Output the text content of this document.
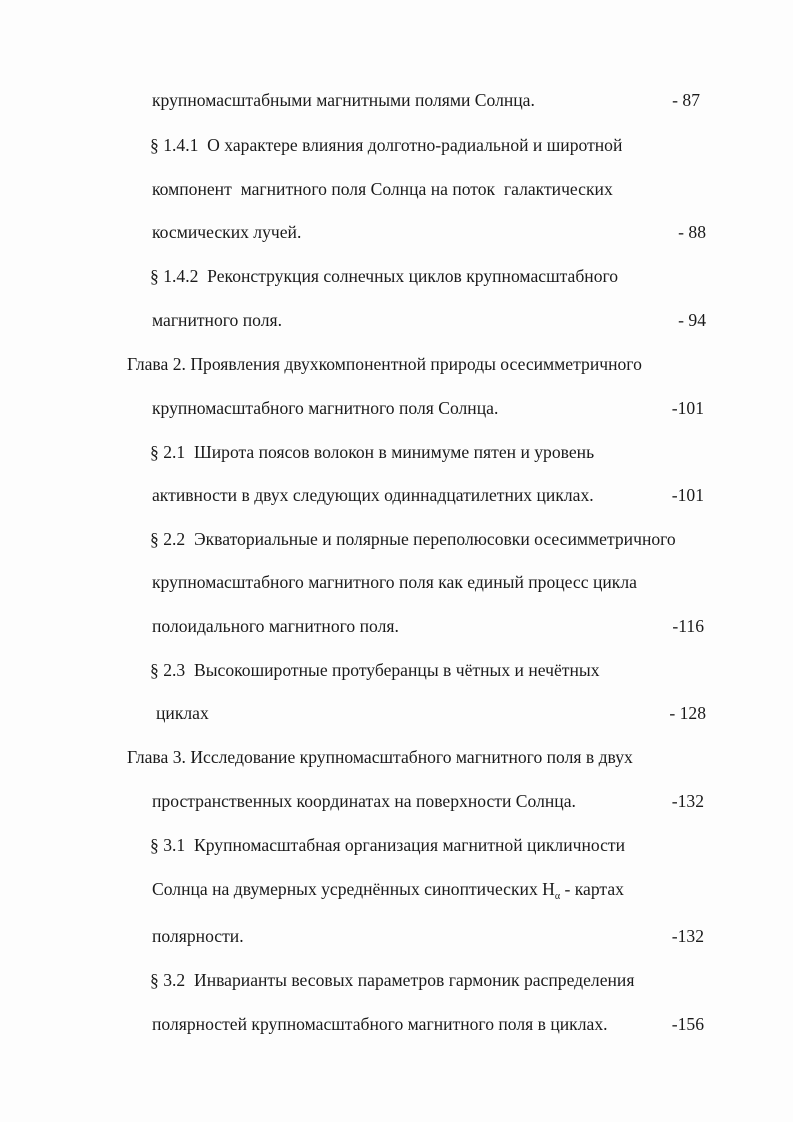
крупномасштабными магнитными полями Солнца.	- 87
§ 1.4.1  О характере влияния долготно-радиальной и широтной
компонент  магнитного поля Солнца на поток  галактических
космических лучей.	- 88
§ 1.4.2  Реконструкция солнечных циклов крупномасштабного
магнитного поля.	- 94
Глава 2. Проявления двухкомпонентной природы осесимметричного
крупномасштабного магнитного поля Солнца.	-101
§ 2.1  Широта поясов волокон в минимуме пятен и уровень
активности в двух следующих одиннадцатилетних циклах.	-101
§ 2.2  Экваториальные и полярные переполюсовки осесимметричного
крупномасштабного магнитного поля как единый процесс цикла
полоидального магнитного поля.	-116
§ 2.3  Высокоширотные протуберанцы в чётных и нечётных
циклах	- 128
Глава 3. Исследование крупномасштабного магнитного поля в двух
пространственных координатах на поверхности Солнца.	-132
§ 3.1  Крупномасштабная организация магнитной цикличности
Солнца на двумерных усреднённых синоптических $H_\alpha$ - картах
полярности.	-132
§ 3.2  Инварианты весовых параметров гармоник распределения
полярностей крупномасштабного магнитного поля в циклах.	-156
